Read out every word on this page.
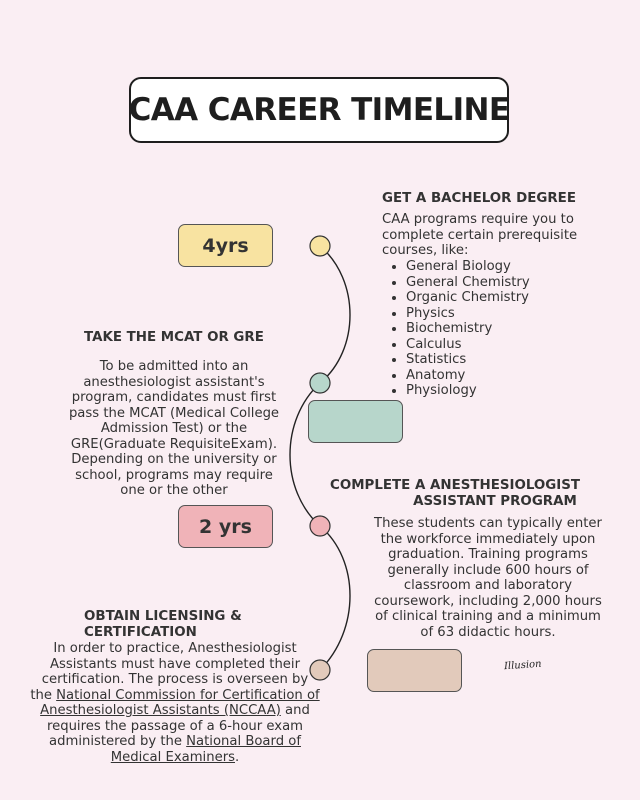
CAA CAREER TIMELINE
4yrs
GET A BACHELOR DEGREE
CAA programs require you to complete certain prerequisite courses, like:
General Biology
General Chemistry
Organic Chemistry
Physics
Biochemistry
Calculus
Statistics
Anatomy
Physiology
TAKE THE MCAT OR GRE
To be admitted into an anesthesiologist assistant's program, candidates must first pass the MCAT (Medical College Admission Test) or the GRE(Graduate RequisiteExam). Depending on the university or school, programs may require one or the other
2 yrs
COMPLETE A ANESTHESIOLOGIST
ASSISTANT PROGRAM
These students can typically enter the workforce immediately upon graduation. Training programs generally include 600 hours of classroom and laboratory coursework, including 2,000 hours of clinical training and a minimum of 63 didactic hours.
OBTAIN LICENSING &
CERTIFICATION
In order to practice, Anesthesiologist Assistants must have completed their certification. The process is overseen by the National Commission for Certification of Anesthesiologist Assistants (NCCAA) and requires the passage of a 6-hour exam administered by the National Board of Medical Examiners.
Illusion
